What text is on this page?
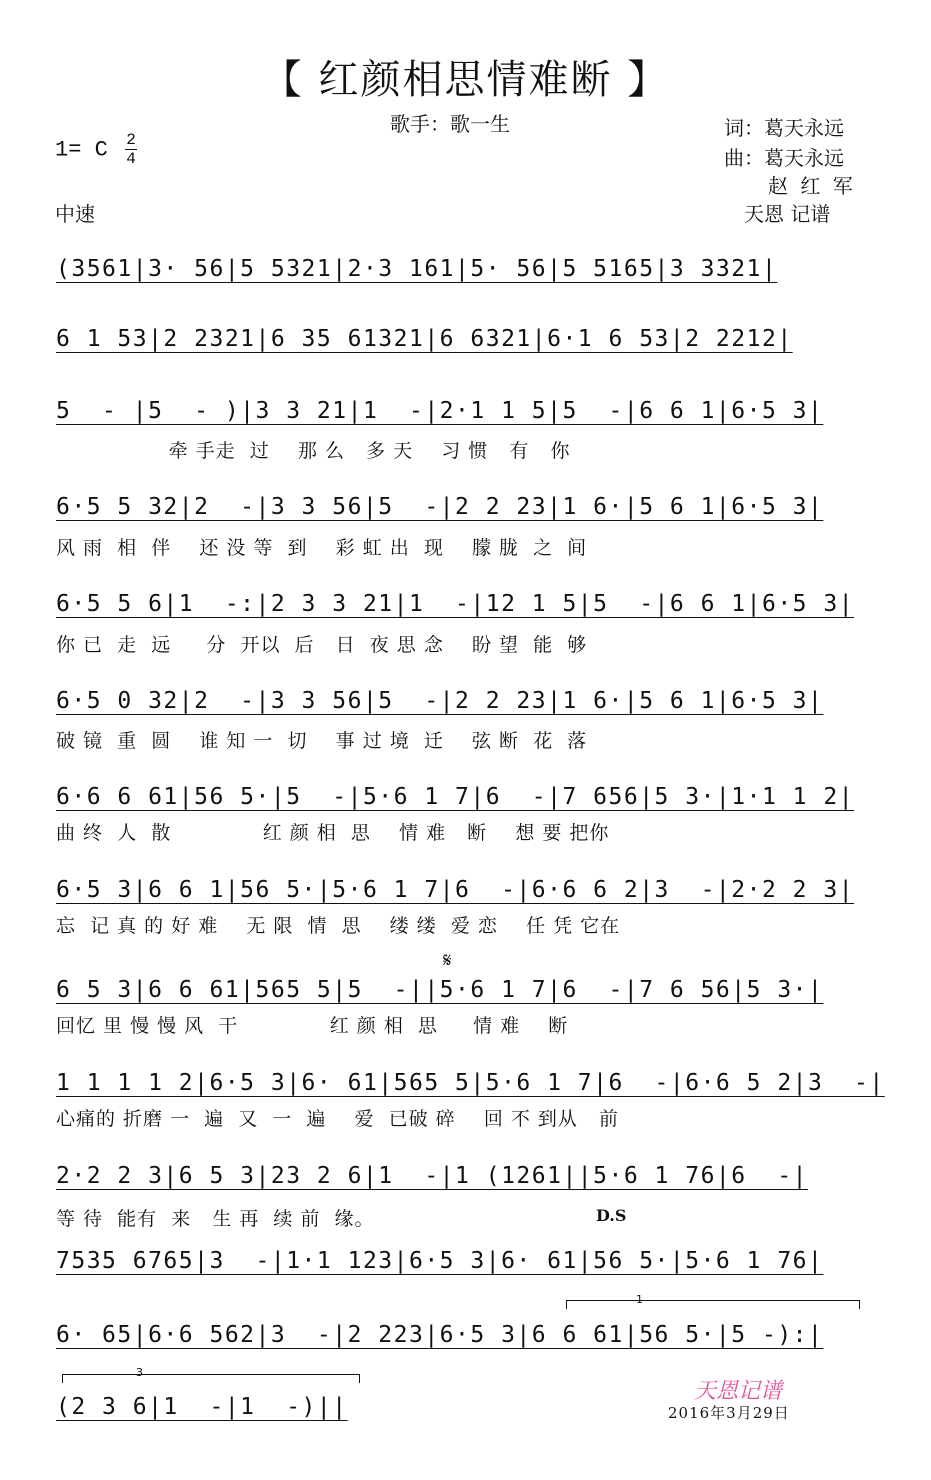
【 红颜相思情难断 】
歌手：歌一生	词：葛天永远
曲：葛天永远
赵 红 军
天恩 记谱
1= C $\frac{2}{4}$
中速
(3561|3· 56|5 5321|2·3 161|5· 56|5 5165|3 3321|
6 1 53|2 2321|6 35 61321|6 6321|6·1 6 53|2 2212|
5  - |5  - )|3 3 21|1  -|2·1 1 5|5  -|6 6 1|6·5 3|
牵 手走  过    那 么   多 天    习 惯   有   你
6·5 5 32|2  -|3 3 56|5  -|2 2 23|1 6·|5 6 1|6·5 3|
风 雨  相  伴    还 没 等  到    彩 虹 出  现    朦 胧  之  间
6·5 5 6|1  -:|2 3 3 21|1  -|12 1 5|5  -|6 6 1|6·5 3|
你 已  走  远     分  开以  后   日  夜 思 念    盼 望  能  够
6·5 0 32|2  -|3 3 56|5  -|2 2 23|1 6·|5 6 1|6·5 3|
破 镜  重  圆    谁 知 一  切    事 过 境  迁    弦 断  花  落
6·6 6 61|56 5·|5  -|5·6 1 7|6  -|7 656|5 3·|1·1 1 2|
曲 终  人  散             红 颜 相  思    情 难   断    想 要 把你
6·5 3|6 6 1|56 5·|5·6 1 7|6  -|6·6 6 2|3  -|2·2 2 3|
忘  记 真 的 好 难    无 限  情  思    缕 缕  爱 恋    任 凭 它在
𝄋
6 5 3|6 6 61|565 5|5  -||5·6 1 7|6  -|7 6 56|5 3·|
回忆 里 慢 慢 风  干             红 颜 相  思     情 难    断
1 1 1 1 2|6·5 3|6· 61|565 5|5·6 1 7|6  -|6·6 5 2|3  -|
心痛的 折磨 一  遍  又  一  遍    爱  已破 碎    回 不 到从   前
2·2 2 3|6 5 3|23 2 6|1  -|1 (1261||5·6 1 76|6  -|
等 待  能有  来   生 再  续 前  缘。	D.S
7535 6765|3  -|1·1 123|6·5 3|6· 61|56 5·|5·6 1 76|
1
6· 65|6·6 562|3  -|2 223|6·5 3|6 6 61|56 5·|5 -):|
3
(2 3 6|1  -|1  -)||
天恩记谱
2016年3月29日
